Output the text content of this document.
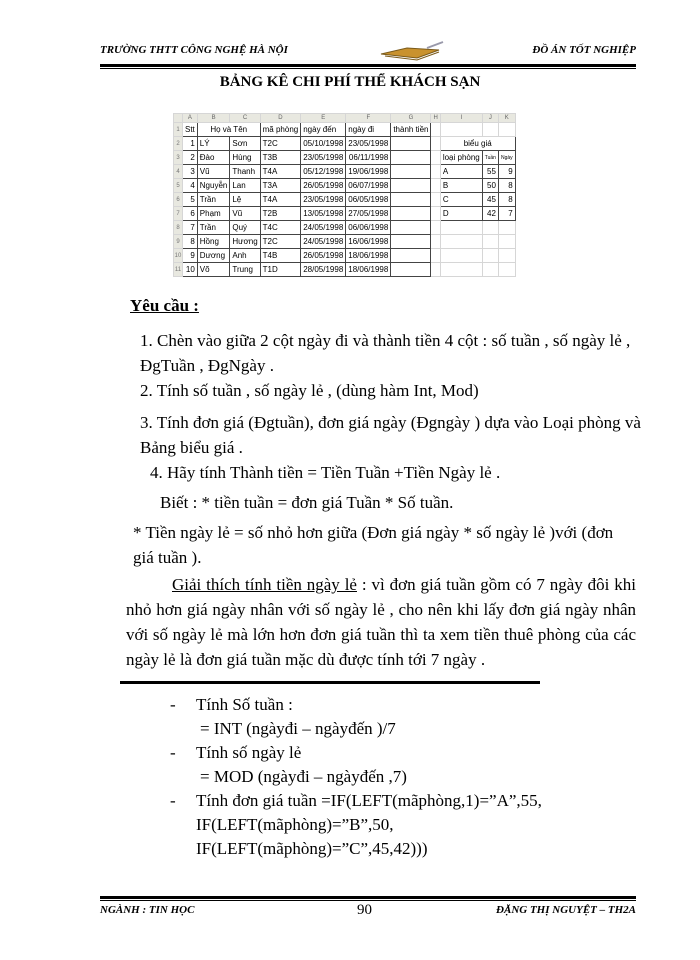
TRƯỜNG THTT CÔNG NGHỆ HÀ NỘI	ĐỒ ÁN TỐT NGHIỆP
BẢNG KÊ CHI PHÍ THỂ KHÁCH SẠN
	A	B	C	D	E	F	G	H	I	J	K
1	Stt	Họ và Tên		mã phòng	ngày đến	ngày đi	thành tiền				
2	1	LÝ	Sơn	T2C	05/10/1998	23/05/1998			biểu giá		
3	2	Đào	Hùng	T3B	23/05/1998	06/11/1998			loại phòng	Tuần	Ngày
4	3	Vũ	Thanh	T4A	05/12/1998	19/06/1998			A	55	9
5	4	Nguyễn	Lan	T3A	26/05/1998	06/07/1998			B	50	8
6	5	Trần	Lệ	T4A	23/05/1998	06/05/1998			C	45	8
7	6	Phạm	Vũ	T2B	13/05/1998	27/05/1998			D	42	7
8	7	Trần	Quý	T4C	24/05/1998	06/06/1998					
9	8	Hồng	Hương	T2C	24/05/1998	16/06/1998					
10	9	Dương	Anh	T4B	26/05/1998	18/06/1998					
11	10	Võ	Trung	T1D	28/05/1998	18/06/1998					
Yêu cầu :
1. Chèn vào giữa 2 cột ngày đi và thành tiền 4 cột : số tuần , số ngày lẻ , ĐgTuần , ĐgNgày .
2. Tính số tuần , số ngày lẻ , (dùng hàm Int, Mod)
3. Tính đơn giá (Đgtuần), đơn giá ngày (Đgngày ) dựa vào Loại phòng và Bảng biểu giá .
4. Hãy tính Thành tiền = Tiền Tuần +Tiền Ngày lẻ .
Biết : * tiền tuần = đơn giá Tuần * Số tuần.
* Tiền ngày lẻ = số nhỏ hơn giữa (Đơn giá ngày * số ngày lẻ )với (đơn giá tuần ).
Giải thích tính tiền ngày lẻ : vì đơn giá tuần gồm có 7 ngày đôi khi nhỏ hơn giá ngày nhân với số ngày lẻ , cho nên khi lấy đơn giá ngày nhân với số ngày lẻ mà lớn hơn đơn giá tuần thì ta xem tiền thuê phòng của các ngày lẻ là đơn giá tuần mặc dù được tính tới 7 ngày .
- Tính Số tuần :
= INT (ngàyđi – ngàyđến )/7
- Tính số ngày lẻ
= MOD (ngàyđi – ngàyđến ,7)
- Tính đơn giá tuần =IF(LEFT(mãphòng,1)=”A”,55,
IF(LEFT(mãphòng)=”B”,50,
IF(LEFT(mãphòng)=”C”,45,42)))
NGÀNH : TIN HỌC	90	ĐẶNG THỊ NGUYỆT – TH2A
